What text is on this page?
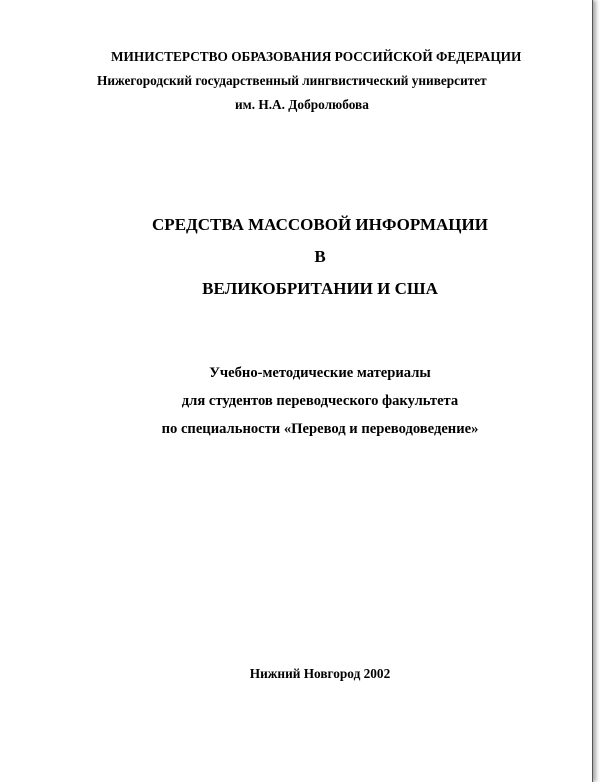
МИНИСТЕРСТВО ОБРАЗОВАНИЯ РОССИЙСКОЙ ФЕДЕРАЦИИ
Нижегородский государственный лингвистический университет
им. Н.А. Добролюбова
СРЕДСТВА МАССОВОЙ ИНФОРМАЦИИ
В
ВЕЛИКОБРИТАНИИ И США
Учебно-методические материалы
для студентов переводческого факультета
по специальности «Перевод и переводоведение»
Нижний Новгород 2002
